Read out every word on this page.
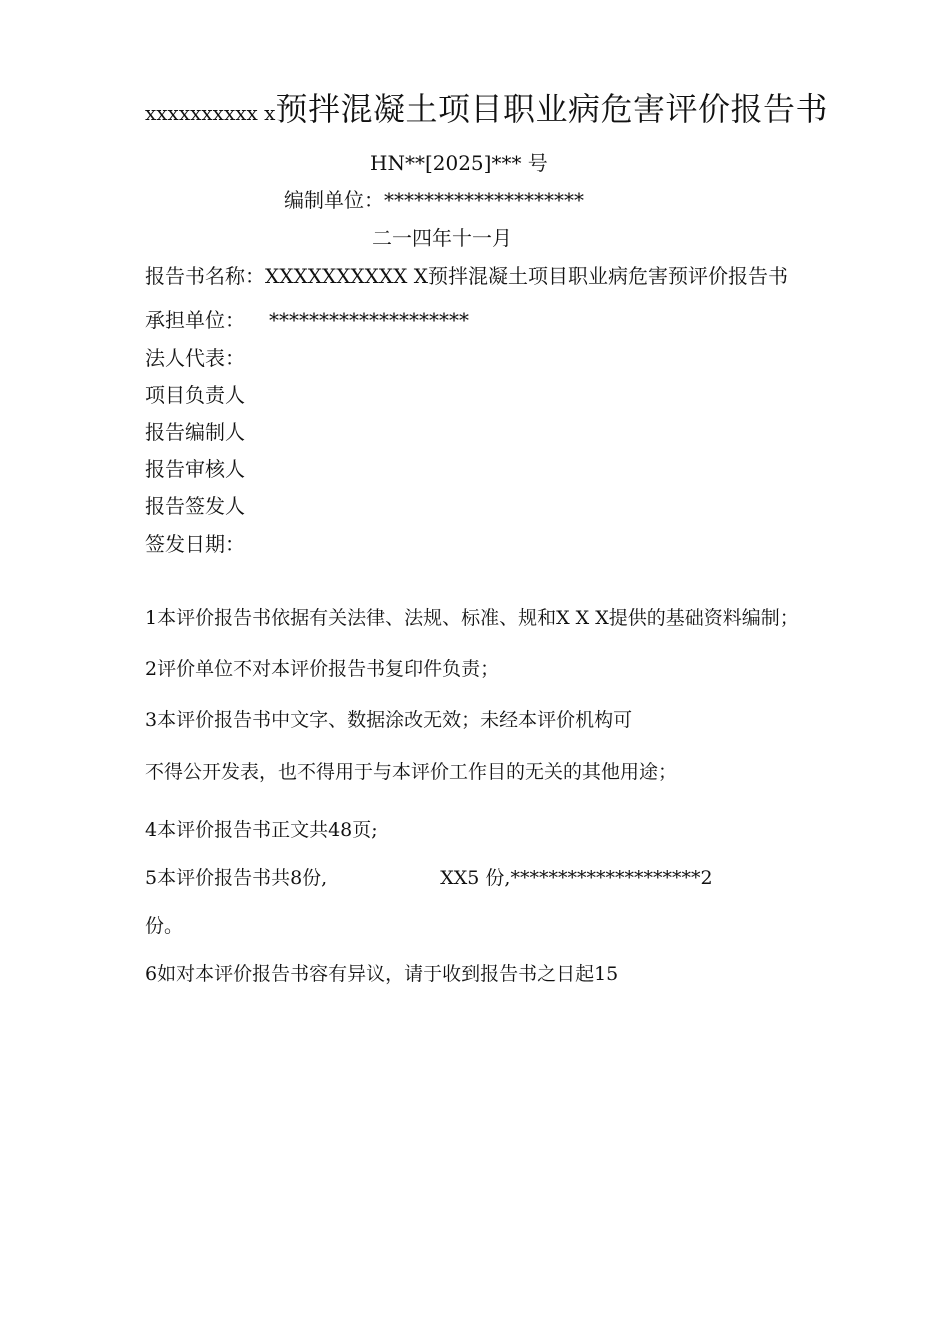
xxxxxxxxxx x预拌混凝土项目职业病危害评价报告书

HN**[2025]*** 号

编制单位：********************

二一四年十一月

报告书名称：XXXXXXXXXX X预拌混凝土项目职业病危害预评价报告书

承担单位： ********************

法人代表：

项目负责人

报告编制人

报告审核人

报告签发人

签发日期：

1本评价报告书依据有关法律、法规、标准、规和X X X提供的基础资料编制；

2评价单位不对本评价报告书复印件负责；

3本评价报告书中文字、数据涂改无效；未经本评价机构可

不得公开发表，也不得用于与本评价工作目的无关的其他用途；

4本评价报告书正文共48页;

5本评价报告书共8份,	XX5 份,********************2

份。

6如对本评价报告书容有异议，请于收到报告书之日起15
